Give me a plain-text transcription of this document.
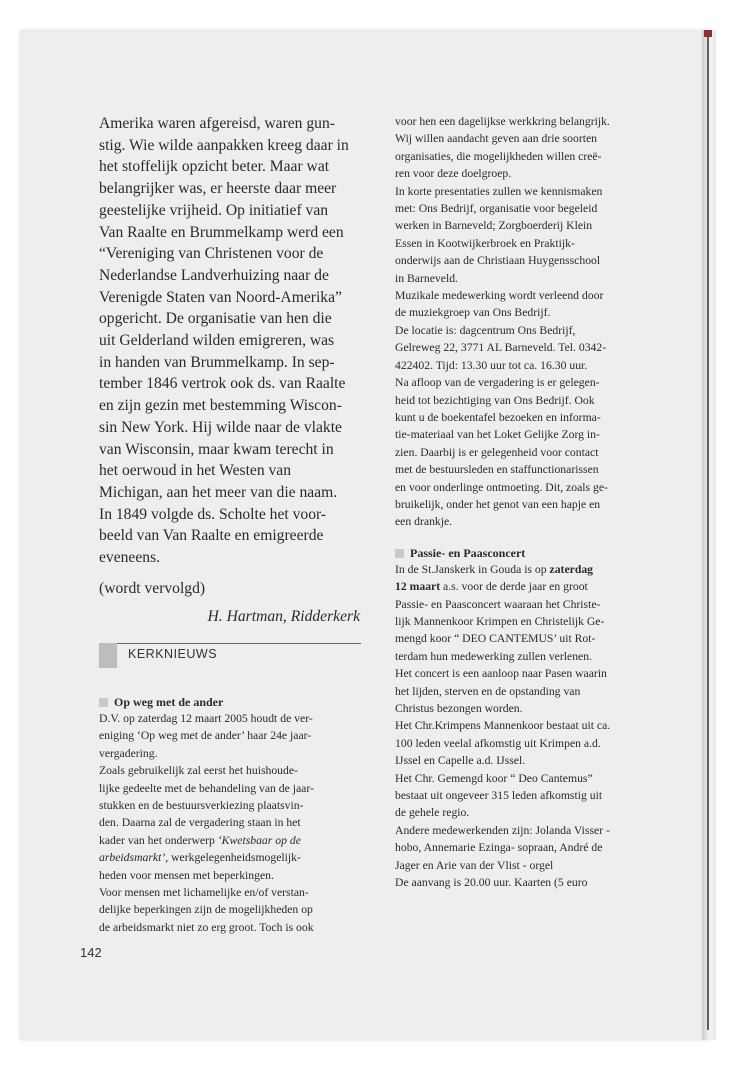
Amerika waren afgereisd, waren gun-
stig. Wie wilde aanpakken kreeg daar in
het stoffelijk opzicht beter. Maar wat
belangrijker was, er heerste daar meer
geestelijke vrijheid. Op initiatief van
Van Raalte en Brummelkamp werd een
“Vereniging van Christenen voor de
Nederlandse Landverhuizing naar de
Verenigde Staten van Noord-Amerika”
opgericht. De organisatie van hen die
uit Gelderland wilden emigreren, was
in handen van Brummelkamp. In sep-
tember 1846 vertrok ook ds. van Raalte
en zijn gezin met bestemming Wiscon-
sin New York. Hij wilde naar de vlakte
van Wisconsin, maar kwam terecht in
het oerwoud in het Westen van
Michigan, aan het meer van die naam.
In 1849 volgde ds. Scholte het voor-
beeld van Van Raalte en emigreerde
eveneens.
(wordt vervolgd)
H. Hartman, Ridderkerk
KERKNIEUWS
Op weg met de ander
D.V. op zaterdag 12 maart 2005 houdt de ver-
eniging ‘Op weg met de ander’ haar 24e jaar-
vergadering.
Zoals gebruikelijk zal eerst het huishoude-
lijke gedeelte met de behandeling van de jaar-
stukken en de bestuursverkiezing plaatsvin-
den. Daarna zal de vergadering staan in het
kader van het onderwerp ‘Kwetsbaar op de
arbeidsmarkt’, werkgelegenheidsmogelijk-
heden voor mensen met beperkingen.
Voor mensen met lichamelijke en/of verstan-
delijke beperkingen zijn de mogelijkheden op
de arbeidsmarkt niet zo erg groot. Toch is ook
voor hen een dagelijkse werkkring belangrijk.
Wij willen aandacht geven aan drie soorten
organisaties, die mogelijkheden willen creë-
ren voor deze doelgroep.
In korte presentaties zullen we kennismaken
met: Ons Bedrijf, organisatie voor begeleid
werken in Barneveld; Zorgboerderij Klein
Essen in Kootwijkerbroek en Praktijk-
onderwijs aan de Christiaan Huygensschool
in Barneveld.
Muzikale medewerking wordt verleend door
de muziekgroep van Ons Bedrijf.
De locatie is: dagcentrum Ons Bedrijf,
Gelreweg 22, 3771 AL Barneveld. Tel. 0342-
422402. Tijd: 13.30 uur tot ca. 16.30 uur.
Na afloop van de vergadering is er gelegen-
heid tot bezichtiging van Ons Bedrijf. Ook
kunt u de boekentafel bezoeken en informa-
tie-materiaal van het Loket Gelijke Zorg in-
zien. Daarbij is er gelegenheid voor contact
met de bestuursleden en staffunctionarissen
en voor onderlinge ontmoeting. Dit, zoals ge-
bruikelijk, onder het genot van een hapje en
een drankje.
Passie- en Paasconcert
In de St.Janskerk in Gouda is op zaterdag
12 maart a.s. voor de derde jaar en groot
Passie- en Paasconcert waaraan het Christe-
lijk Mannenkoor Krimpen en Christelijk Ge-
mengd koor “ DEO CANTEMUS’ uit Rot-
terdam hun medewerking zullen verlenen.
Het concert is een aanloop naar Pasen waarin
het lijden, sterven en de opstanding van
Christus bezongen worden.
Het Chr.Krimpens Mannenkoor bestaat uit ca.
100 leden veelal afkomstig uit Krimpen a.d.
IJssel en Capelle a.d. IJssel.
Het Chr. Gemengd koor “ Deo Cantemus”
bestaat uit ongeveer 315 leden afkomstig uit
de gehele regio.
Andere medewerkenden zijn: Jolanda Visser -
hobo, Annemarie Ezinga- sopraan, André de
Jager en Arie van der Vlist - orgel
De aanvang is 20.00 uur. Kaarten (5 euro
142
